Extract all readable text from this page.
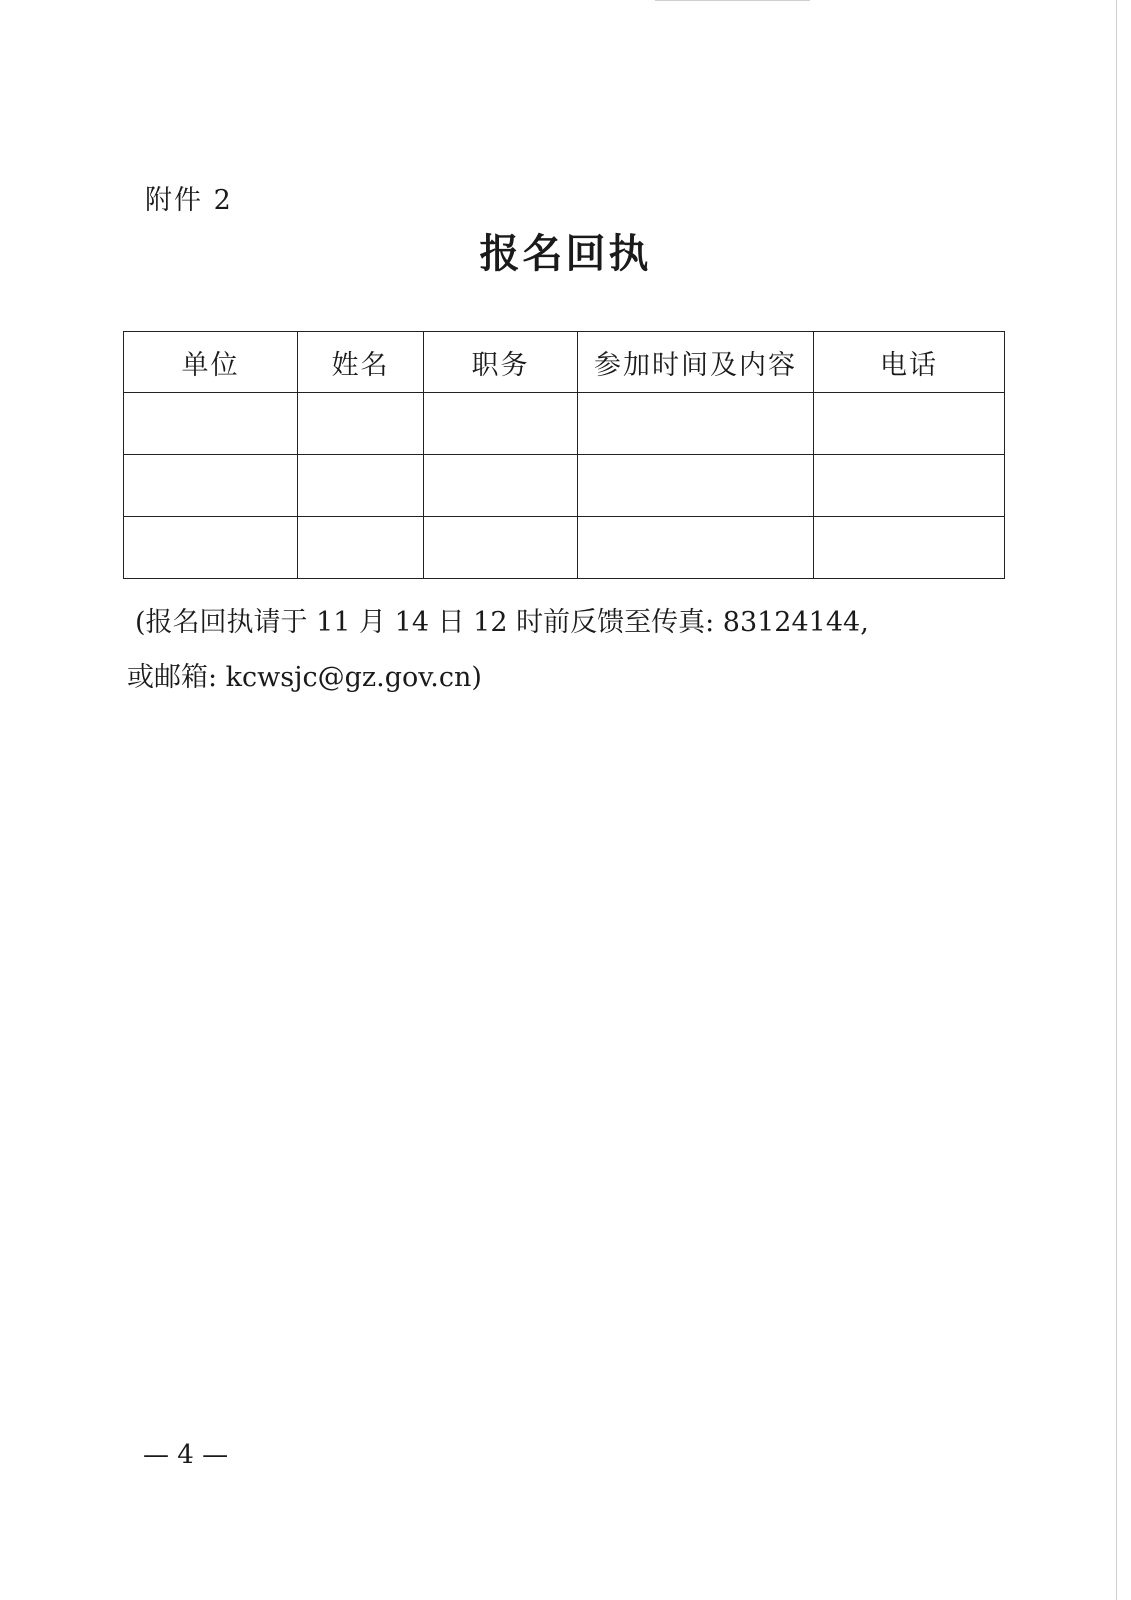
附件 2
报名回执
单位	姓名	职务	参加时间及内容	电话

(报名回执请于 11 月 14 日 12 时前反馈至传真: 83124144,
或邮箱: kcwsjc@gz.gov.cn)
— 4 —
